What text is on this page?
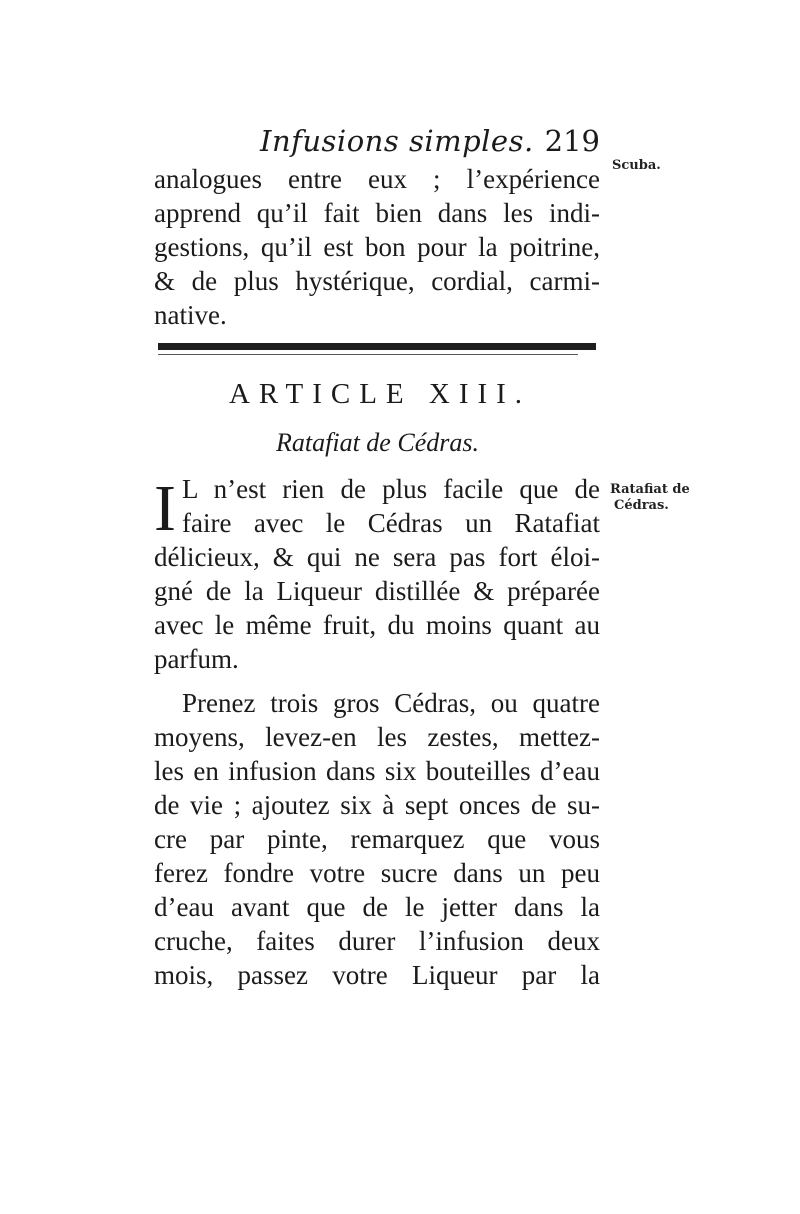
Infusions simples. 219
Scuba.
analogues entre eux ; l’expérience
apprend qu’il fait bien dans les indi-
gestions, qu’il est bon pour la poitrine,
& de plus hystérique, cordial, carmi-
native.
ARTICLE XIII.
Ratafiat de Cédras.
Ratafiat de
Cédras.
I L n’est rien de plus facile que de
faire avec le Cédras un Ratafiat
délicieux, & qui ne sera pas fort éloi-
gné de la Liqueur distillée & préparée
avec le même fruit, du moins quant au
parfum.
Prenez trois gros Cédras, ou quatre
moyens, levez-en les zestes, mettez-
les en infusion dans six bouteilles d’eau
de vie ; ajoutez six à sept onces de su-
cre par pinte, remarquez que vous
ferez fondre votre sucre dans un peu
d’eau avant que de le jetter dans la
cruche, faites durer l’infusion deux
mois, passez votre Liqueur par la
